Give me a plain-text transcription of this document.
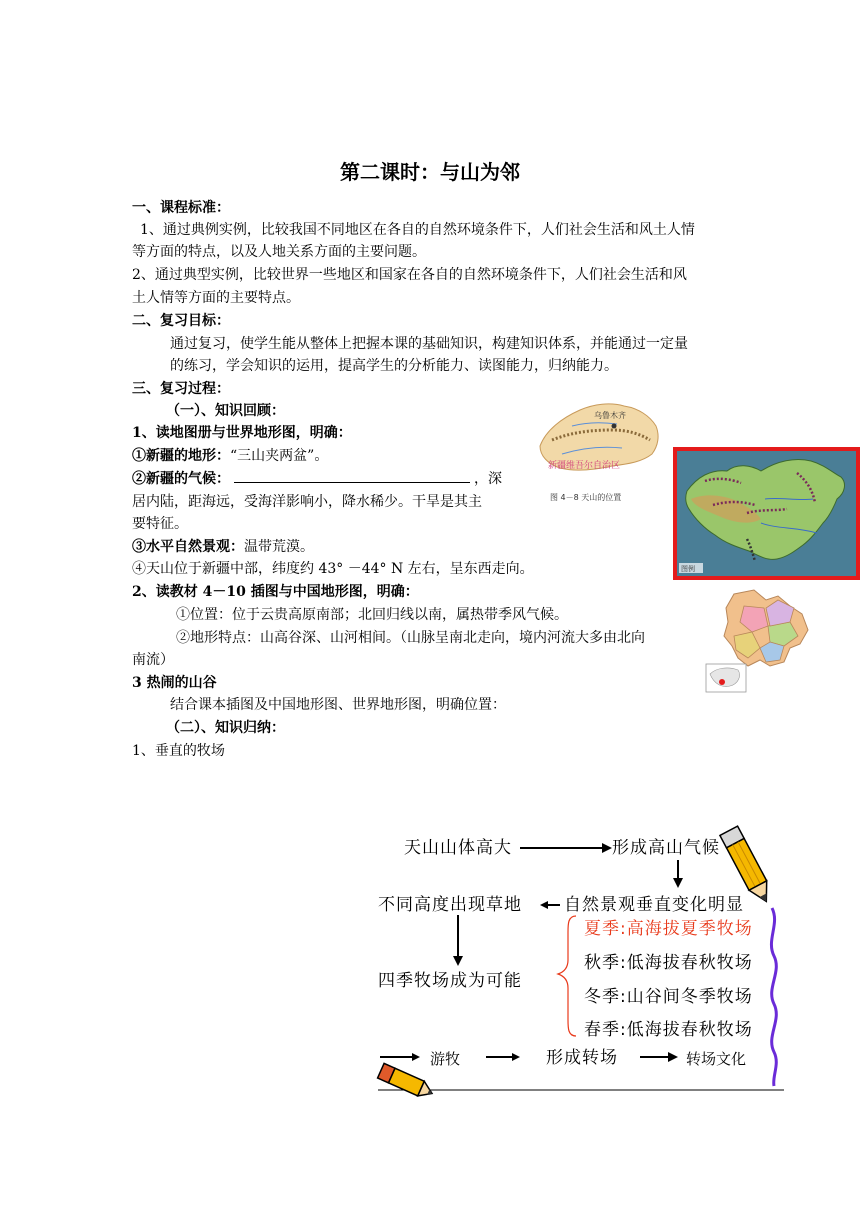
第二课时：与山为邻
一、课程标准：
1、通过典例实例，比较我国不同地区在各自的自然环境条件下，人们社会生活和风土人情
等方面的特点，以及人地关系方面的主要问题。
2、通过典型实例，比较世界一些地区和国家在各自的自然环境条件下，人们社会生活和风
土人情等方面的主要特点。
二、复习目标：
通过复习，使学生能从整体上把握本课的基础知识，构建知识体系，并能通过一定量
的练习，学会知识的运用，提高学生的分析能力、读图能力，归纳能力。
三、复习过程：
（一）、知识回顾：
1、读地图册与世界地形图，明确：
①新疆的地形：“三山夹两盆”。
②新疆的气候：	，深
居内陆，距海远，受海洋影响小，降水稀少。干旱是其主
要特征。
③水平自然景观：温带荒漠。
④天山位于新疆中部，纬度约 43° －44° N 左右，呈东西走向。
2、读教材 4－10 插图与中国地形图，明确：
①位置：位于云贵高原南部；北回归线以南，属热带季风气候。
②地形特点：山高谷深、山河相间。（山脉呈南北走向，境内河流大多由北向
南流）
3 热闹的山谷
结合课本插图及中国地形图、世界地形图，明确位置：
（二）、知识归纳：
1、垂直的牧场
乌鲁木齐
新疆维吾尔自治区
图 4－8 天山的位置
图例
天山山体高大	形成高山气候
自然景观垂直变化明显
不同高度出现草地
四季牧场成为可能
夏季:高海拔夏季牧场
秋季:低海拔春秋牧场
冬季:山谷间冬季牧场
春季:低海拔春秋牧场
游牧	形成转场	转场文化
